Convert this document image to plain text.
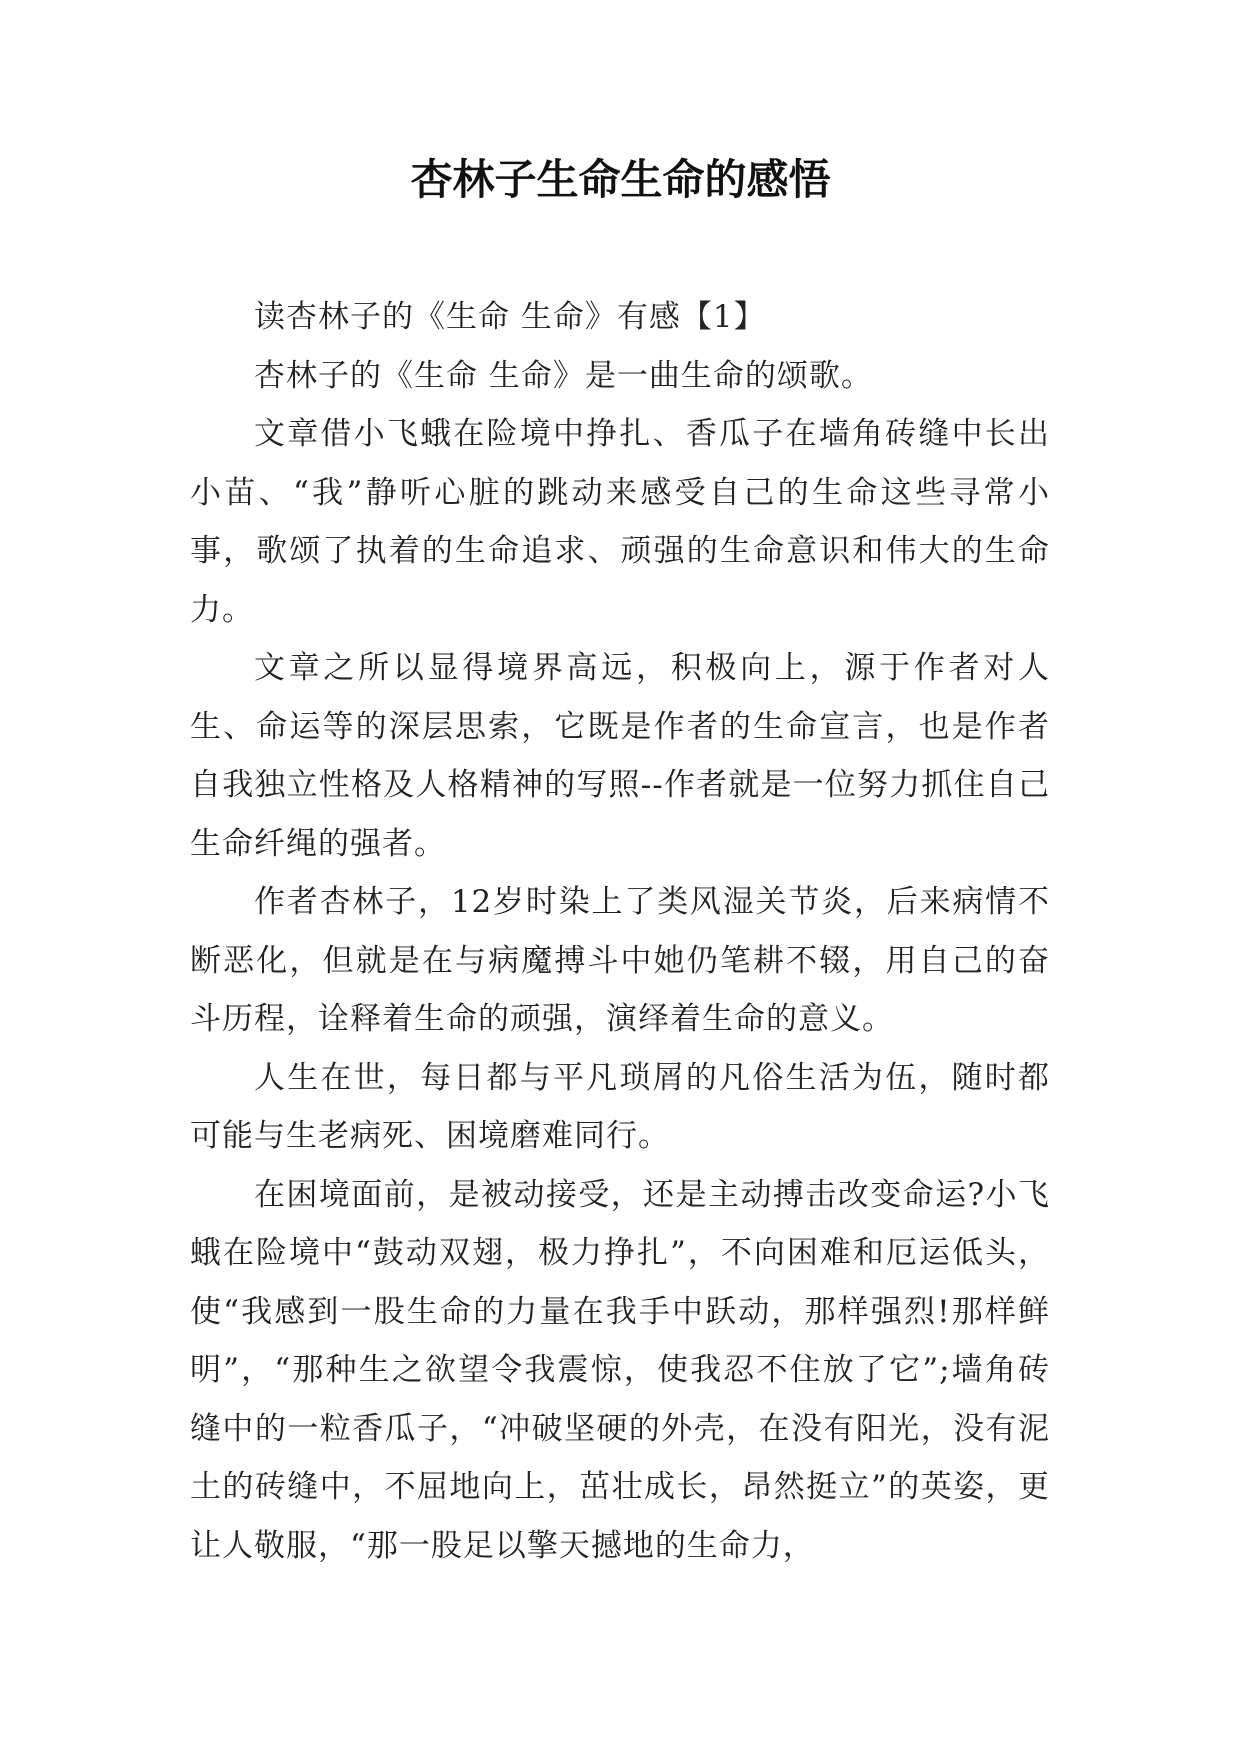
杏林子生命生命的感悟

读杏林子的《生命 生命》有感【1】

杏林子的《生命 生命》是一曲生命的颂歌。

文章借小飞蛾在险境中挣扎、香瓜子在墙角砖缝中长出小苗、“我”静听心脏的跳动来感受自己的生命这些寻常小事，歌颂了执着的生命追求、顽强的生命意识和伟大的生命力。

文章之所以显得境界高远，积极向上，源于作者对人生、命运等的深层思索，它既是作者的生命宣言，也是作者自我独立性格及人格精神的写照--作者就是一位努力抓住自己生命纤绳的强者。

作者杏林子，12岁时染上了类风湿关节炎，后来病情不断恶化，但就是在与病魔搏斗中她仍笔耕不辍，用自己的奋斗历程，诠释着生命的顽强，演绎着生命的意义。

人生在世，每日都与平凡琐屑的凡俗生活为伍，随时都可能与生老病死、困境磨难同行。

在困境面前，是被动接受，还是主动搏击改变命运?小飞蛾在险境中“鼓动双翅，极力挣扎”，不向困难和厄运低头，使“我感到一股生命的力量在我手中跃动，那样强烈!那样鲜明”，“那种生之欲望令我震惊，使我忍不住放了它”;墙角砖缝中的一粒香瓜子，“冲破坚硬的外壳，在没有阳光，没有泥土的砖缝中，不屈地向上，茁壮成长，昂然挺立”的英姿，更让人敬服，“那一股足以擎天撼地的生命力，
